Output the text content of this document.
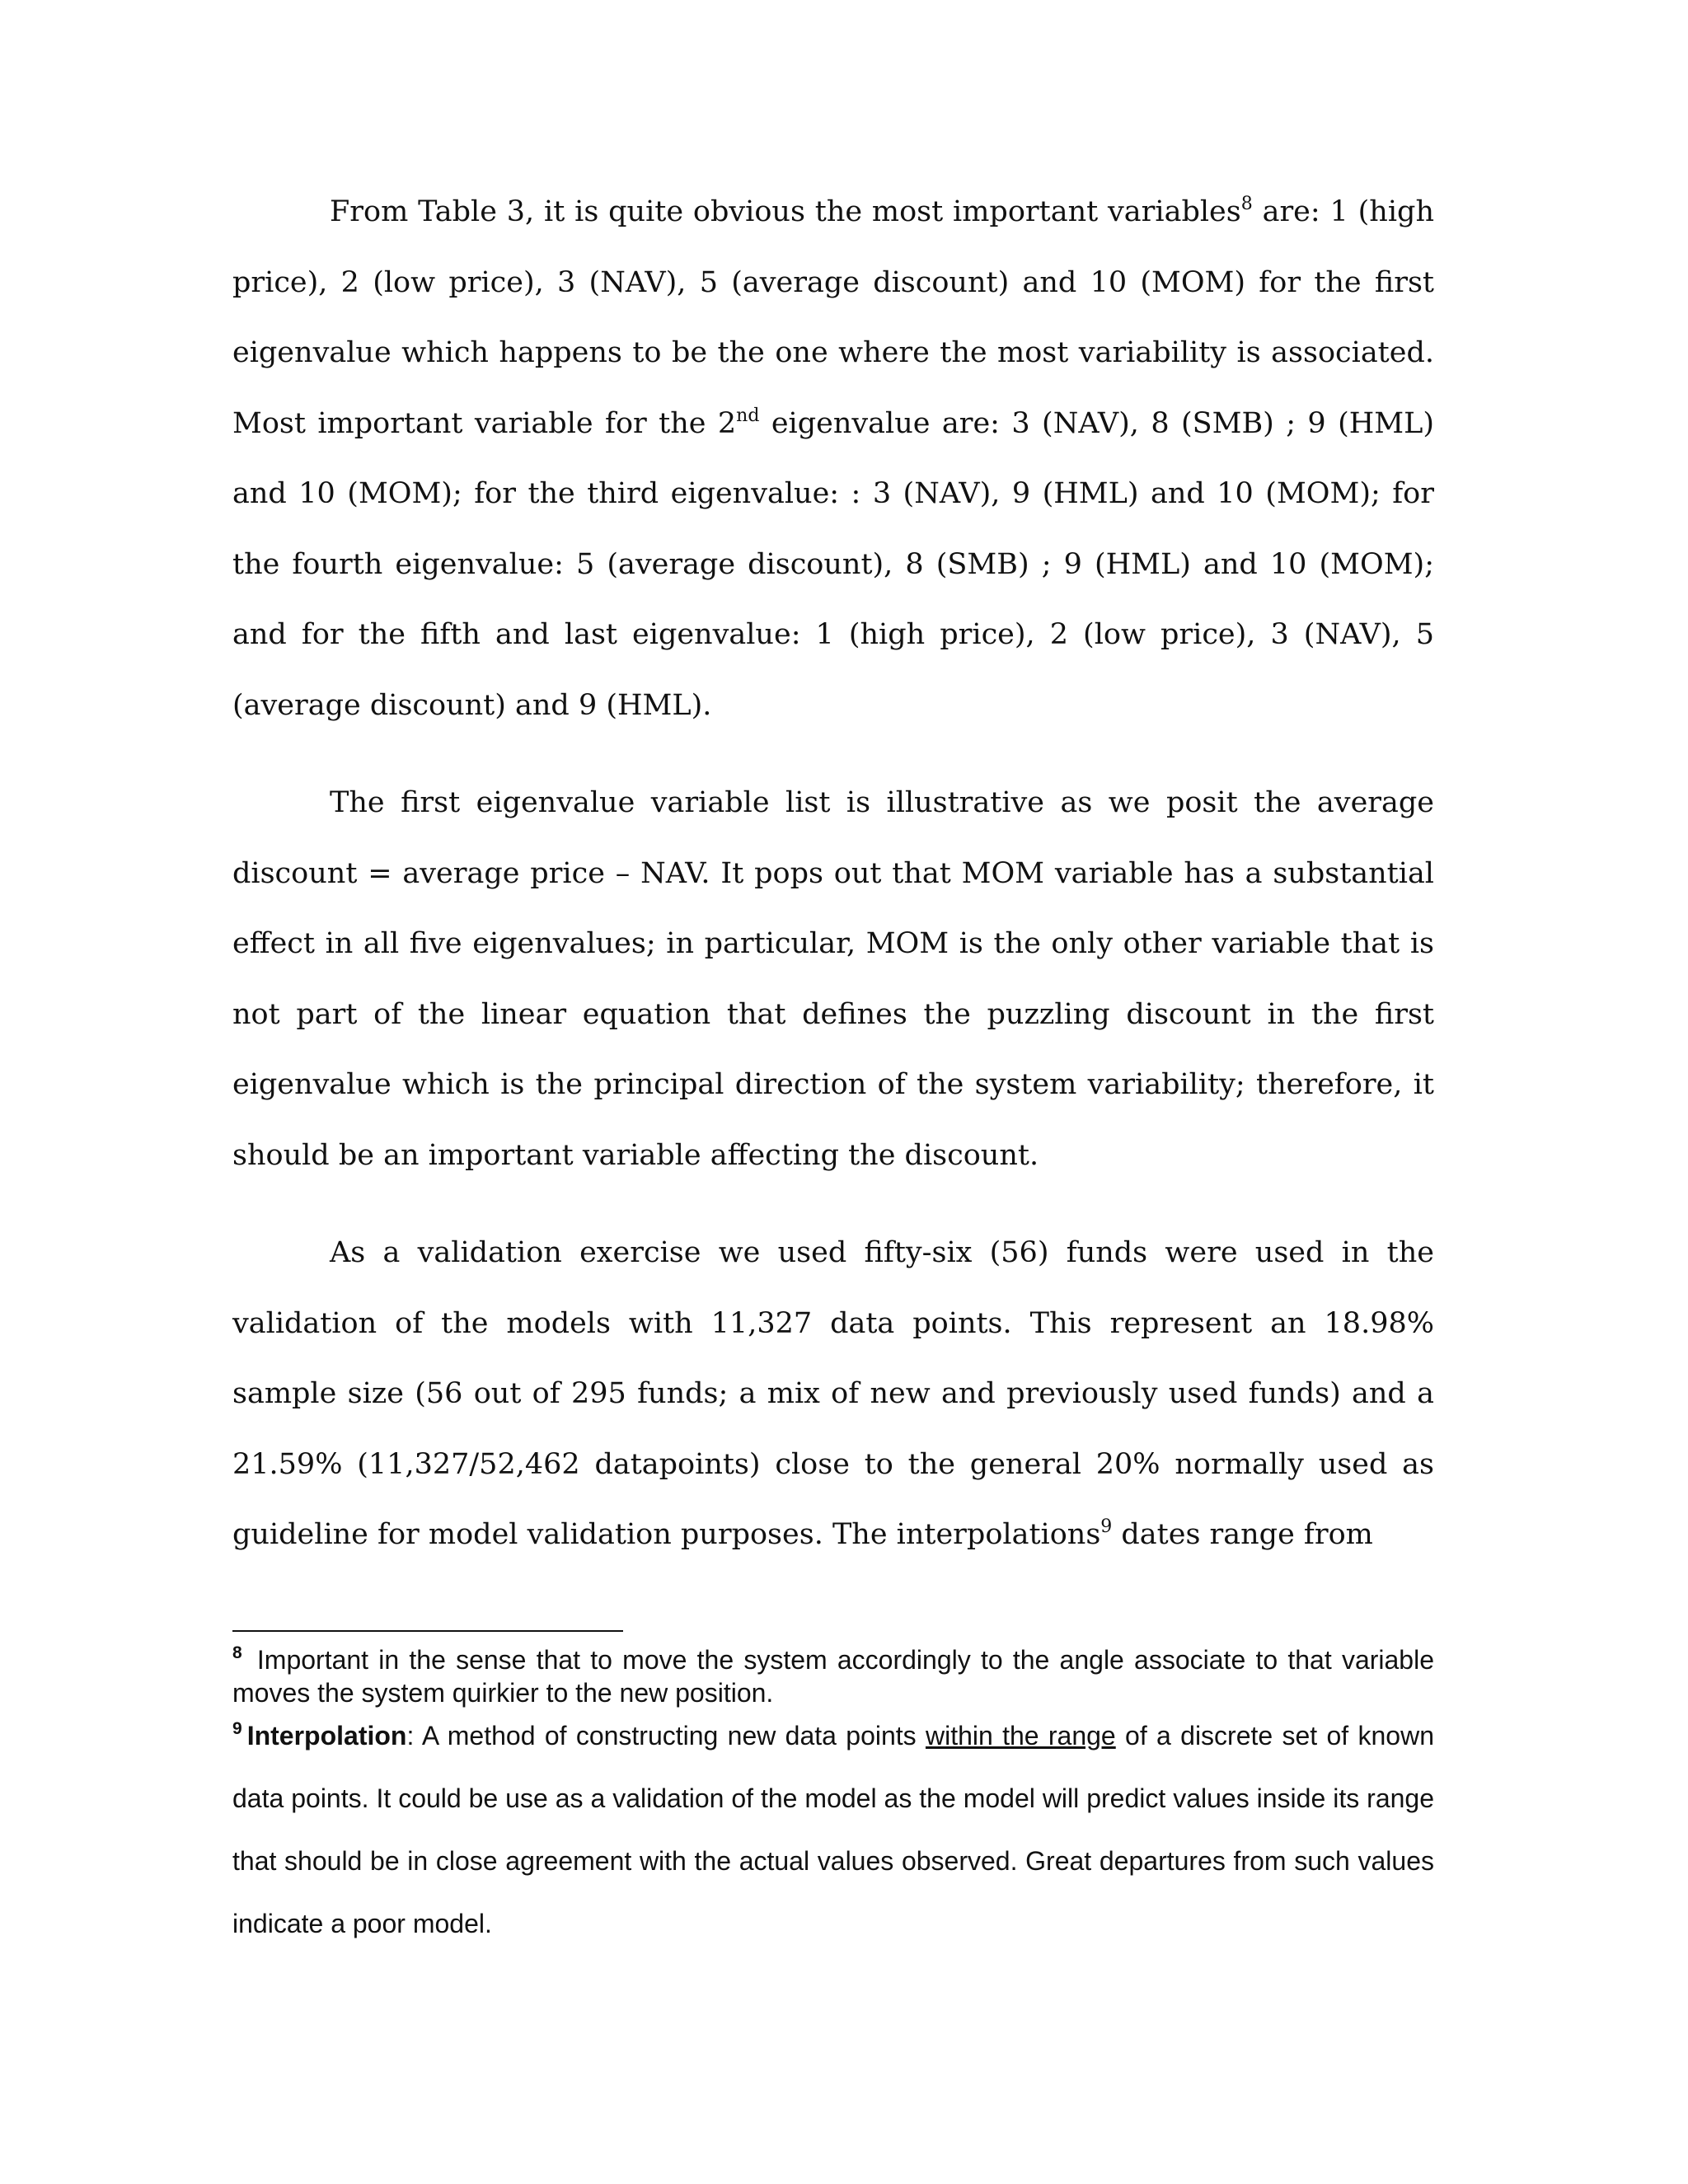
From Table 3, it is quite obvious the most important variables$^8$ are: 1 (high price), 2 (low price), 3 (NAV), 5 (average discount) and 10 (MOM) for the first eigenvalue which happens to be the one where the most variability is associated. Most important variable for the 2nd eigenvalue are: 3 (NAV), 8 (SMB) ; 9 (HML) and 10 (MOM); for the third eigenvalue: : 3 (NAV), 9 (HML) and 10 (MOM); for the fourth eigenvalue: 5 (average discount), 8 (SMB) ; 9 (HML) and 10 (MOM); and for the fifth and last eigenvalue: 1 (high price), 2 (low price), 3 (NAV), 5 (average discount) and 9 (HML).

The first eigenvalue variable list is illustrative as we posit the average discount = average price – NAV. It pops out that MOM variable has a substantial effect in all five eigenvalues; in particular, MOM is the only other variable that is not part of the linear equation that defines the puzzling discount in the first eigenvalue which is the principal direction of the system variability; therefore, it should be an important variable affecting the discount.

As a validation exercise we used fifty-six (56) funds were used in the validation of the models with 11,327 data points. This represent an 18.98% sample size (56 out of 295 funds; a mix of new and previously used funds) and a 21.59% (11,327/52,462 datapoints) close to the general 20% normally used as guideline for model validation purposes. The interpolations$^9$ dates range from

$^8$ Important in the sense that to move the system accordingly to the angle associate to that variable moves the system quirkier to the new position.

$^9$ Interpolation: A method of constructing new data points within the range of a discrete set of known data points. It could be use as a validation of the model as the model will predict values inside its range that should be in close agreement with the actual values observed. Great departures from such values indicate a poor model.
